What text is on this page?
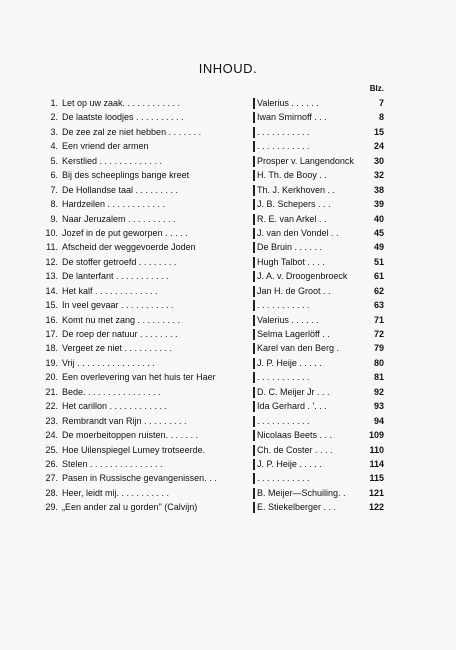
INHOUD.
Blz.
1. Let op uw zaak. . . . . . . . . . . .	Valerius . . . . . .	7
2. De laatste loodjes . . . . . . . . . .	Iwan Smirnoff . . .	8
3. De zee zal ze niet hebben . . . . . . .	. . . . . . . . . . .	15
4. Een vriend der armen	. . . . . . . . . . .	24
5. Kerstlied . . . . . . . . . . . . .	Prosper v. Langendonck	30
6. Bij des scheeplings bange kreet	H. Th. de Booy . .	32
7. De Hollandse taal . . . . . . . . .	Th. J. Kerkhoven . .	38
8. Hardzeilen . . . . . . . . . . . .	J. B. Schepers . . .	39
9. Naar Jeruzalem . . . . . . . . . .	R. E. van Arkel . .	40
10. Jozef in de put geworpen . . . . .	J. van den Vondel . .	45
11. Afscheid der weggevoerde Joden	De Bruin . . . . . .	49
12. De stoffer getroefd . . . . . . . .	Hugh Talbot . . . .	51
13. De lanterfant . . . . . . . . . . .	J. A. v. Droogenbroeck	61
14. Het kalf . . . . . . . . . . . . .	Jan H. de Groot . .	62
15. In veel gevaar . . . . . . . . . . .	. . . . . . . . . . .	63
16. Komt nu met zang . . . . . . . . .	Valerius . . . . . .	71
17. De roep der natuur . . . . . . . .	Selma Lagerlöff . .	72
18. Vergeet ze niet . . . . . . . . . .	Karel van den Berg .	79
19. Vrij . . . . . . . . . . . . . . . .	J. P. Heije . . . . .	80
20. Een overlevering van het huis ter Haer	. . . . . . . . . . .	81
21. Bede. . . . . . . . . . . . . . . .	D. C. Meijer Jr . . .	92
22. Het carillon . . . . . . . . . . . .	Ida Gerhard . '. . .	93
23. Rembrandt van Rijn . . . . . . . . .	. . . . . . . . . . .	94
24. De moerbeitoppen ruisten. . . . . . .	Nicolaas Beets . . .	109
25. Hoe Uilenspiegel Lumey trotseerde.	Ch. de Coster . . . .	110
26. Stelen . . . . . . . . . . . . . . .	J. P. Heije . . . . .	114
27. Pasen in Russische gevangenissen. . .	. . . . . . . . . . .	115
28. Heer, leidt mij. . . . . . . . . . .	B. Meijer—Schuiling. .	121
29. „Een ander zal u gorden" (Calvijn)	E. Stiekelberger . . .	122
